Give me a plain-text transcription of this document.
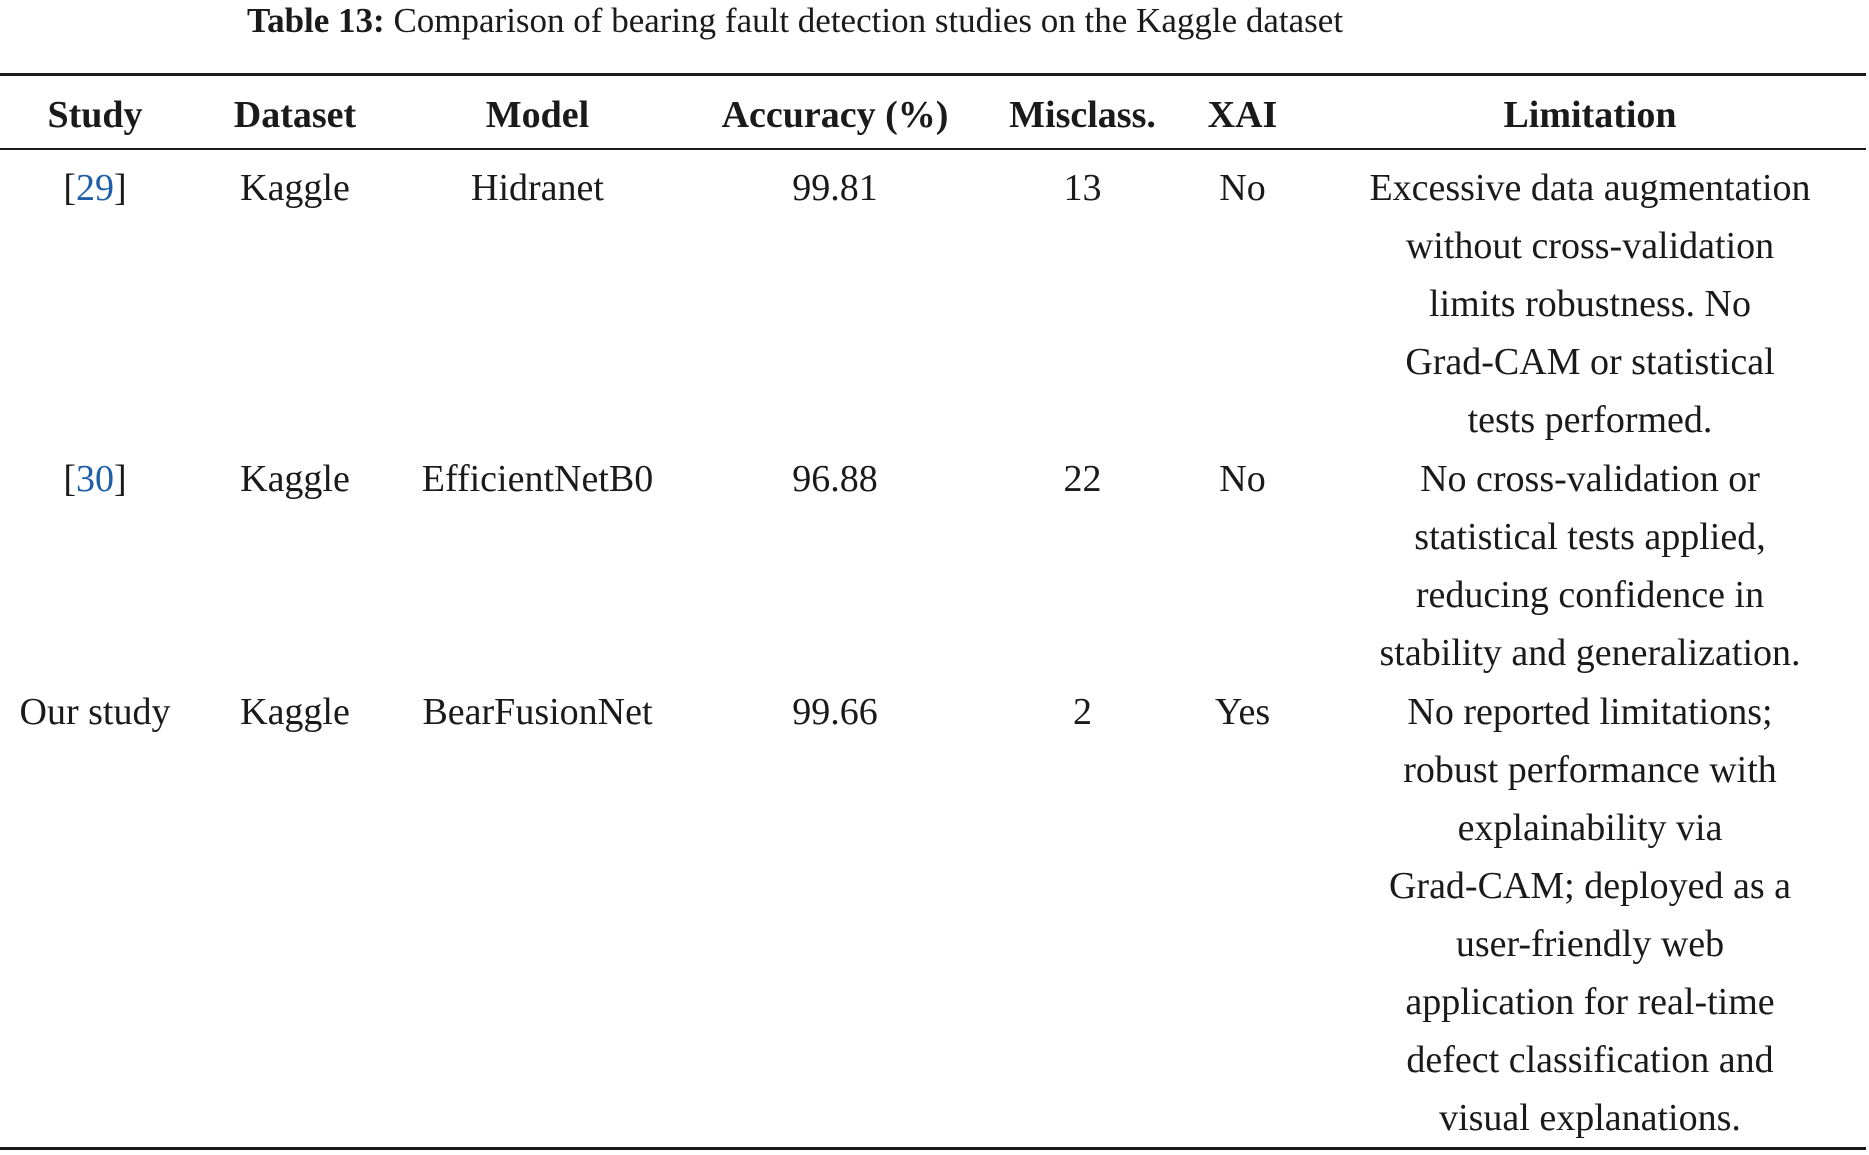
Table 13: Comparison of bearing fault detection studies on the Kaggle dataset
Study	Dataset	Model	Accuracy (%)	Misclass.	XAI	Limitation
[29]	Kaggle	Hidranet	99.81	13	No	Excessive data augmentation
without cross-validation
limits robustness. No
Grad-CAM or statistical
tests performed.
[30]	Kaggle	EfficientNetB0	96.88	22	No	No cross-validation or
statistical tests applied,
reducing confidence in
stability and generalization.
Our study	Kaggle	BearFusionNet	99.66	2	Yes	No reported limitations;
robust performance with
explainability via
Grad-CAM; deployed as a
user-friendly web
application for real-time
defect classification and
visual explanations.
